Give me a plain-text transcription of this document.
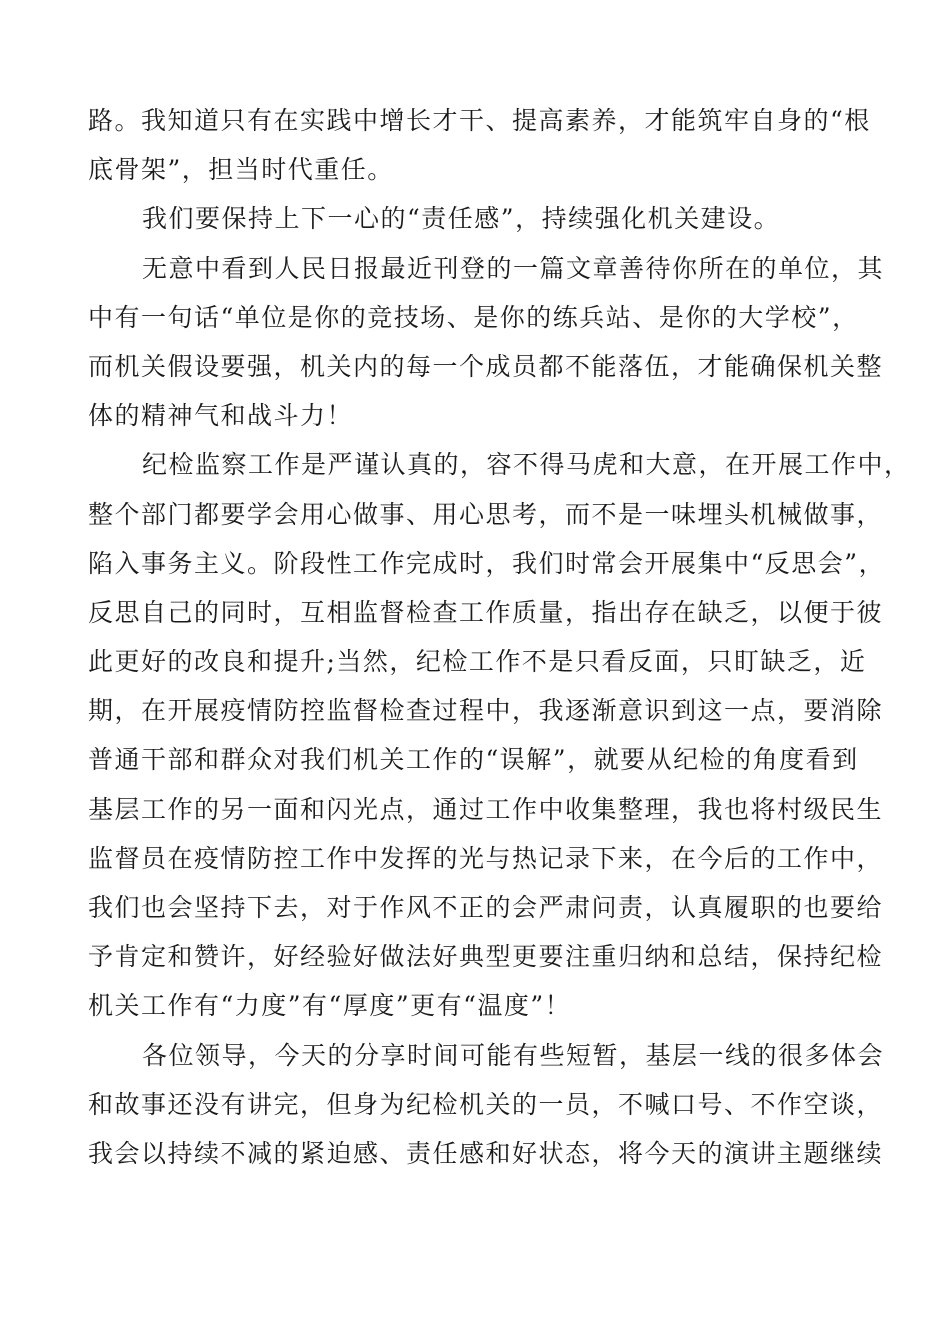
路。我知道只有在实践中增长才干、提高素养，才能筑牢自身的“根
底骨架”，担当时代重任。
我们要保持上下一心的“责任感”，持续强化机关建设。
无意中看到人民日报最近刊登的一篇文章善待你所在的单位，其
中有一句话“单位是你的竞技场、是你的练兵站、是你的大学校”，
而机关假设要强，机关内的每一个成员都不能落伍，才能确保机关整
体的精神气和战斗力！
纪检监察工作是严谨认真的，容不得马虎和大意，在开展工作中，
整个部门都要学会用心做事、用心思考，而不是一味埋头机械做事，
陷入事务主义。阶段性工作完成时，我们时常会开展集中“反思会”，
反思自己的同时，互相监督检查工作质量，指出存在缺乏，以便于彼
此更好的改良和提升;当然，纪检工作不是只看反面，只盯缺乏，近
期，在开展疫情防控监督检查过程中，我逐渐意识到这一点，要消除
普通干部和群众对我们机关工作的“误解”，就要从纪检的角度看到
基层工作的另一面和闪光点，通过工作中收集整理，我也将村级民生
监督员在疫情防控工作中发挥的光与热记录下来，在今后的工作中，
我们也会坚持下去，对于作风不正的会严肃问责，认真履职的也要给
予肯定和赞许，好经验好做法好典型更要注重归纳和总结，保持纪检
机关工作有“力度”有“厚度”更有“温度”！
各位领导，今天的分享时间可能有些短暂，基层一线的很多体会
和故事还没有讲完，但身为纪检机关的一员，不喊口号、不作空谈，
我会以持续不减的紧迫感、责任感和好状态，将今天的演讲主题继续
